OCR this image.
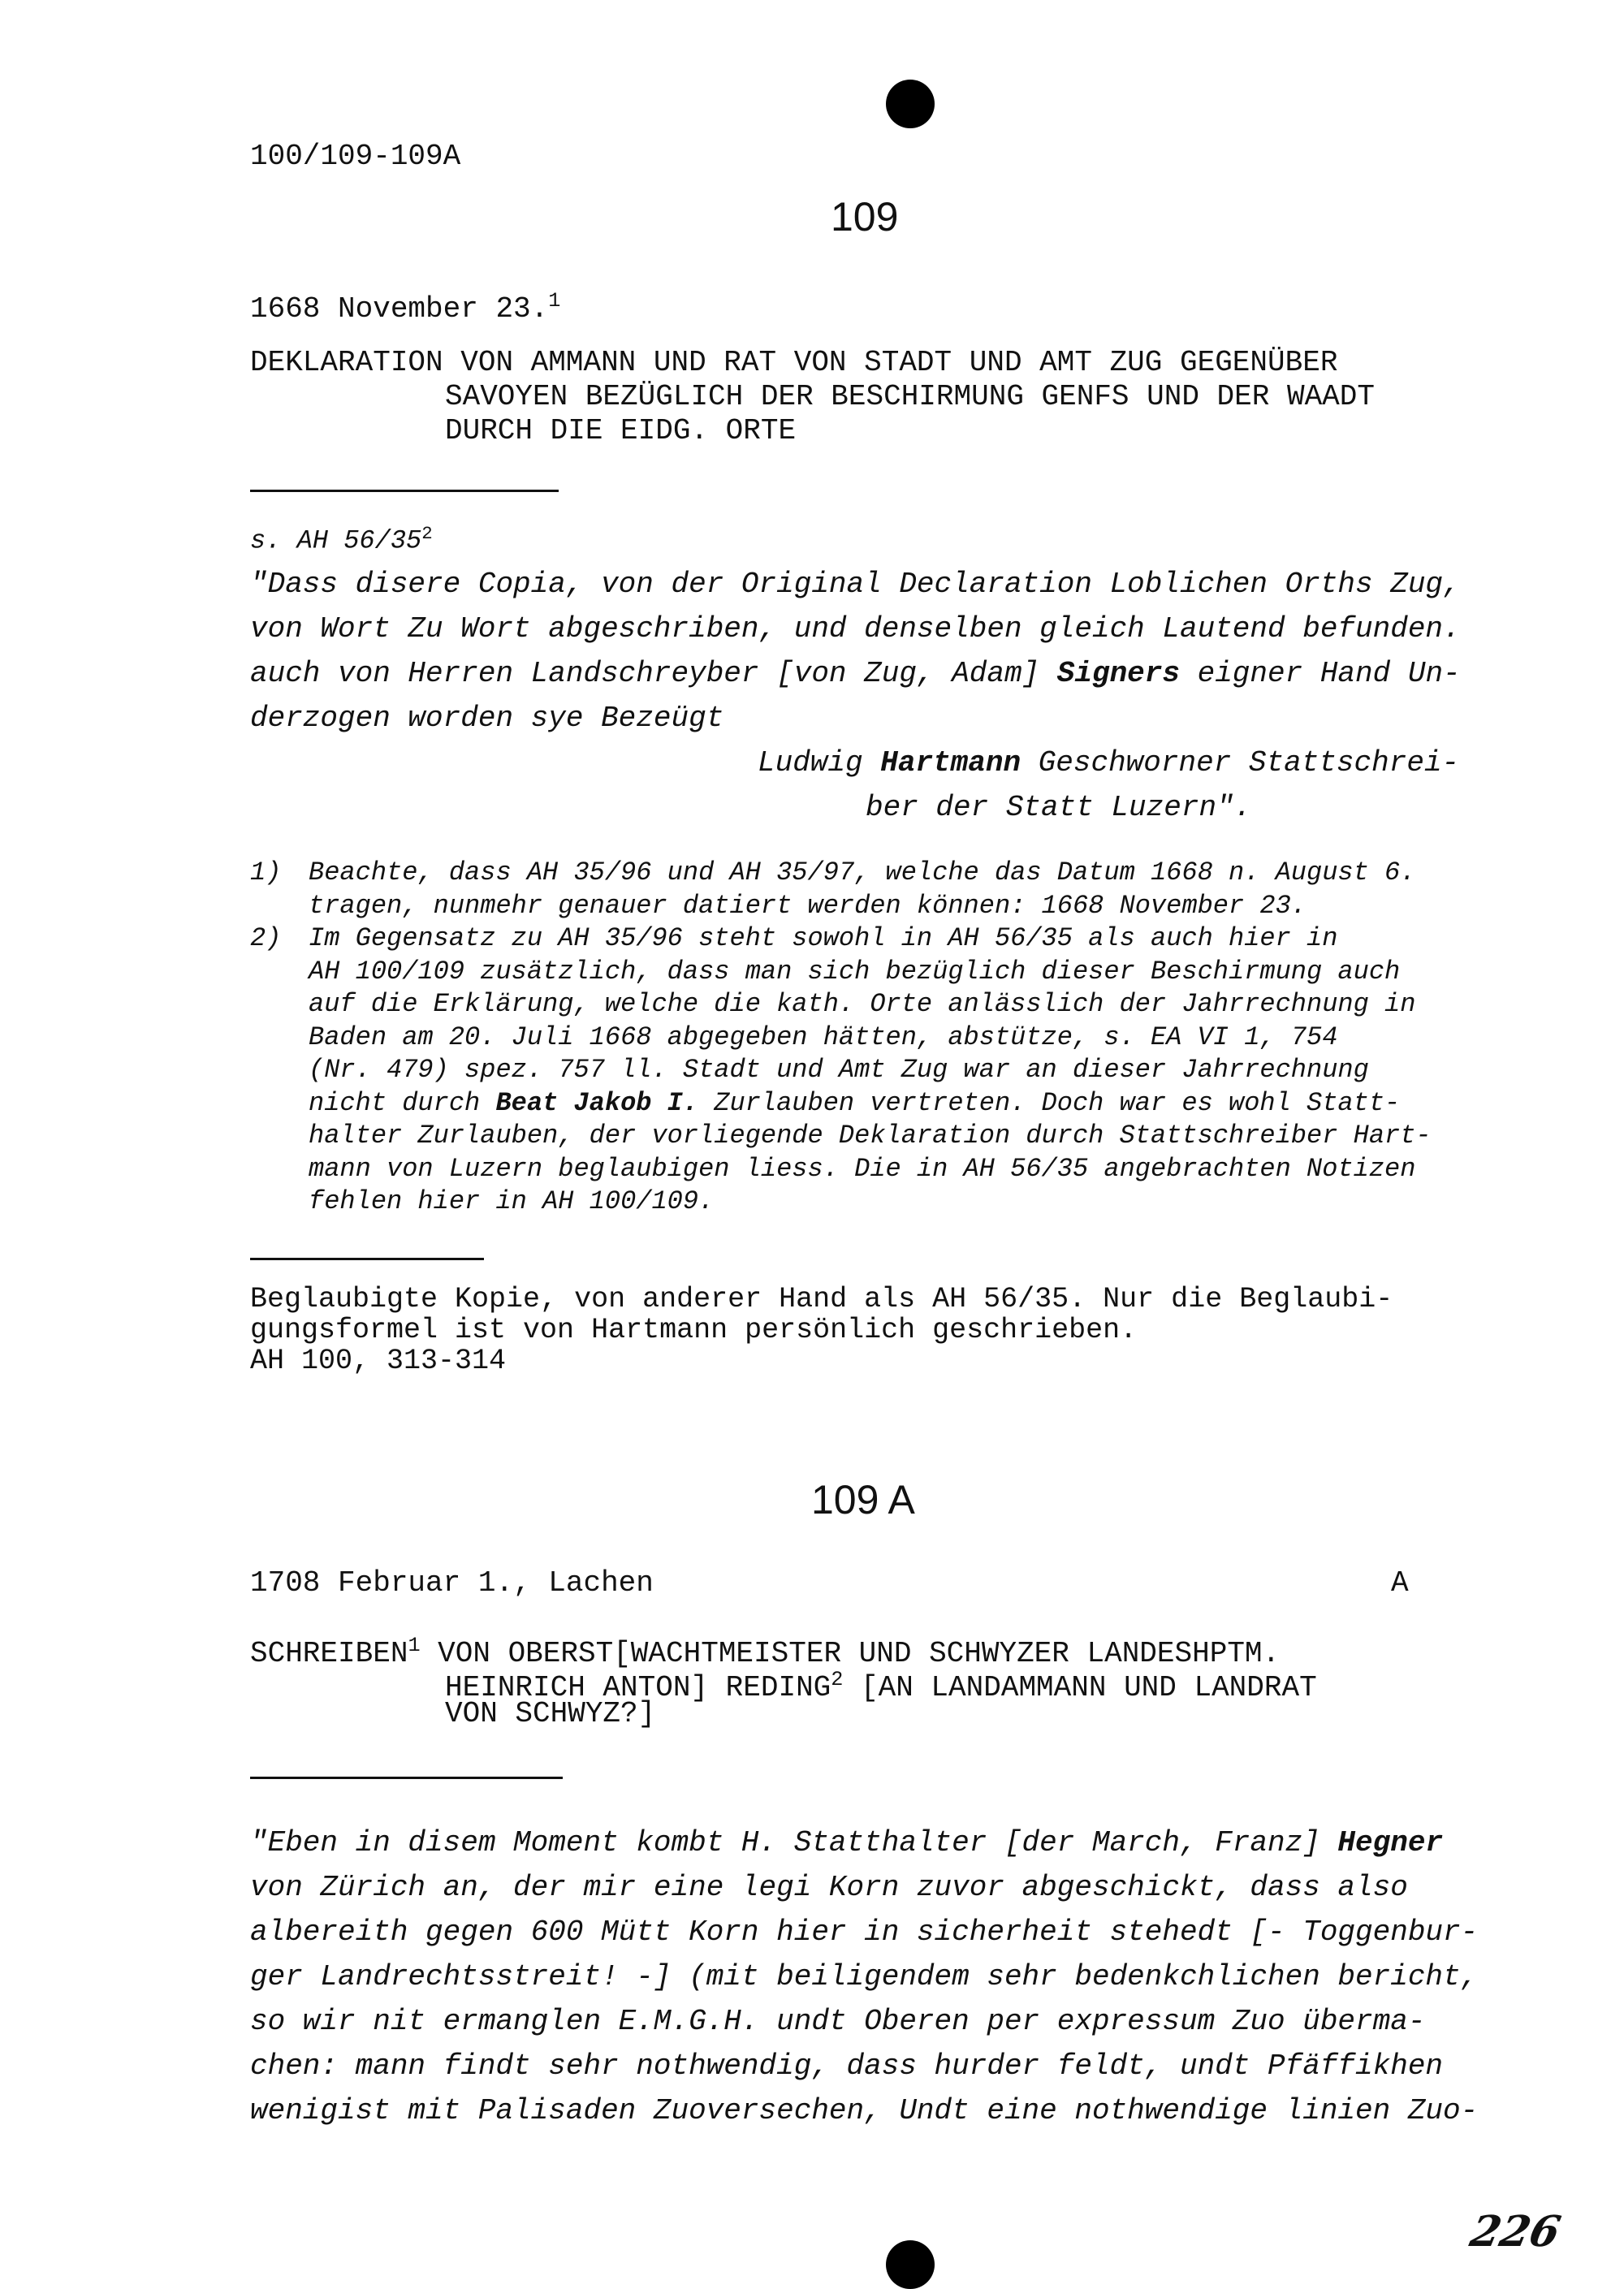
100/109-109A
109
1668 November 23.$^1$
DEKLARATION VON AMMANN UND RAT VON STADT UND AMT ZUG GEGENÜBER
SAVOYEN BEZÜGLICH DER BESCHIRMUNG GENFS UND DER WAADT
DURCH DIE EIDG. ORTE
s. AH $56/35^2$
"Dass disere Copia, von der Original Declaration Loblichen Orths Zug,
von Wort Zu Wort abgeschriben, und denselben gleich Lautend befunden.
auch von Herren Landschreyber [von Zug, Adam] Signers eigner Hand Un-
derzogen worden sye Bezeügt
Ludwig Hartmann Geschworner Stattschrei-
ber der Statt Luzern".
1) Beachte, dass AH 35/96 und AH 35/97, welche das Datum 1668 n. August 6.
tragen, nunmehr genauer datiert werden können: 1668 November 23.
2) Im Gegensatz zu AH 35/96 steht sowohl in AH 56/35 als auch hier in
AH 100/109 zusätzlich, dass man sich bezüglich dieser Beschirmung auch
auf die Erklärung, welche die kath. Orte anlässlich der Jahrrechnung in
Baden am 20. Juli 1668 abgegeben hätten, abstütze, s. EA VI 1, 754
(Nr. 479) spez. 757 ll. Stadt und Amt Zug war an dieser Jahrrechnung
nicht durch Beat Jakob I. Zurlauben vertreten. Doch war es wohl Statt-
halter Zurlauben, der vorliegende Deklaration durch Stattschreiber Hart-
mann von Luzern beglaubigen liess. Die in AH 56/35 angebrachten Notizen
fehlen hier in AH 100/109.
Beglaubigte Kopie, von anderer Hand als AH 56/35. Nur die Beglaubi-
gungsformel ist von Hartmann persönlich geschrieben.
AH 100, 313-314
109 A
1708 Februar 1., Lachen	A
SCHREIBEN$^1$ VON OBERST[WACHTMEISTER UND SCHWYZER LANDESHPTM.
HEINRICH ANTON] REDING$^2$ [AN LANDAMMANN UND LANDRAT
VON SCHWYZ?]
"Eben in disem Moment kombt H. Statthalter [der March, Franz] Hegner
von Zürich an, der mir eine legi Korn zuvor abgeschickt, dass also
albereith gegen 600 Mütt Korn hier in sicherheit stehedt [- Toggenbur-
ger Landrechtsstreit! -] (mit beiligendem sehr bedenkchlichen bericht,
so wir nit ermanglen E.M.G.H. undt Oberen per expressum Zuo überma-
chen: mann findt sehr nothwendig, dass hurder feldt, undt Pfäffikhen
wenigist mit Palisaden Zuoversechen, Undt eine nothwendige linien Zuo-
226
